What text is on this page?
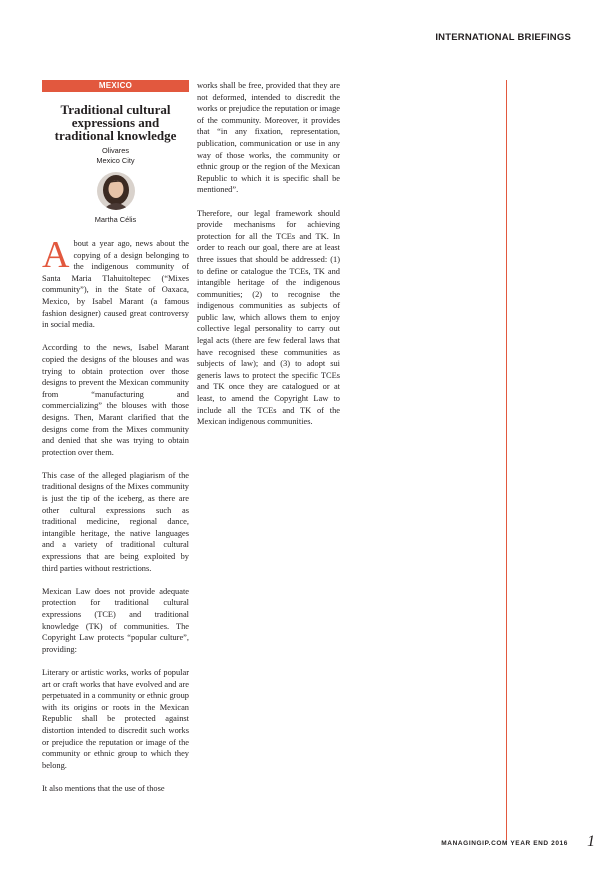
INTERNATIONAL BRIEFINGS
MEXICO
Traditional cultural expressions and traditional knowledge
Olivares
Mexico City
Martha Célis

About a year ago, news about the copying of a design belonging to the indigenous community of Santa Maria Tlahuitoltepec (“Mixes community”), in the State of Oaxaca, Mexico, by Isabel Marant (a famous fashion designer) caused great controversy in social media.

According to the news, Isabel Marant copied the designs of the blouses and was trying to obtain protection over those designs to prevent the Mexican community from “manufacturing and commercializing” the blouses with those designs. Then, Marant clarified that the designs come from the Mixes community and denied that she was trying to obtain protection over them.

This case of the alleged plagiarism of the traditional designs of the Mixes community is just the tip of the iceberg, as there are other cultural expressions such as traditional medicine, regional dance, intangible heritage, the native languages and a variety of traditional cultural expressions that are being exploited by third parties without restrictions.

Mexican Law does not provide adequate protection for traditional cultural expressions (TCE) and traditional knowledge (TK) of communities. The Copyright Law protects “popular culture”, providing:

Literary or artistic works, works of popular art or craft works that have evolved and are perpetuated in a community or ethnic group with its origins or roots in the Mexican Republic shall be protected against distortion intended to discredit such works or prejudice the reputation or image of the community or ethnic group to which they belong.

It also mentions that the use of those

works shall be free, provided that they are not deformed, intended to discredit the works or prejudice the reputation or image of the community. Moreover, it provides that “in any fixation, representation, publication, communication or use in any way of those works, the community or ethnic group or the region of the Mexican Republic to which it is specific shall be mentioned”.

Therefore, our legal framework should provide mechanisms for achieving protection for all the TCEs and TK. In order to reach our goal, there are at least three issues that should be addressed: (1) to define or catalogue the TCEs, TK and intangible heritage of the indigenous communities; (2) to recognise the indigenous communities as subjects of public law, which allows them to enjoy collective legal personality to carry out legal acts (there are few federal laws that have recognised these communities as subjects of law); and (3) to adopt sui generis laws to protect the specific TCEs and TK once they are catalogued or at least, to amend the Copyright Law to include all the TCEs and TK of the Mexican indigenous communities.

MANAGINGIP.COM YEAR END 2016 1
